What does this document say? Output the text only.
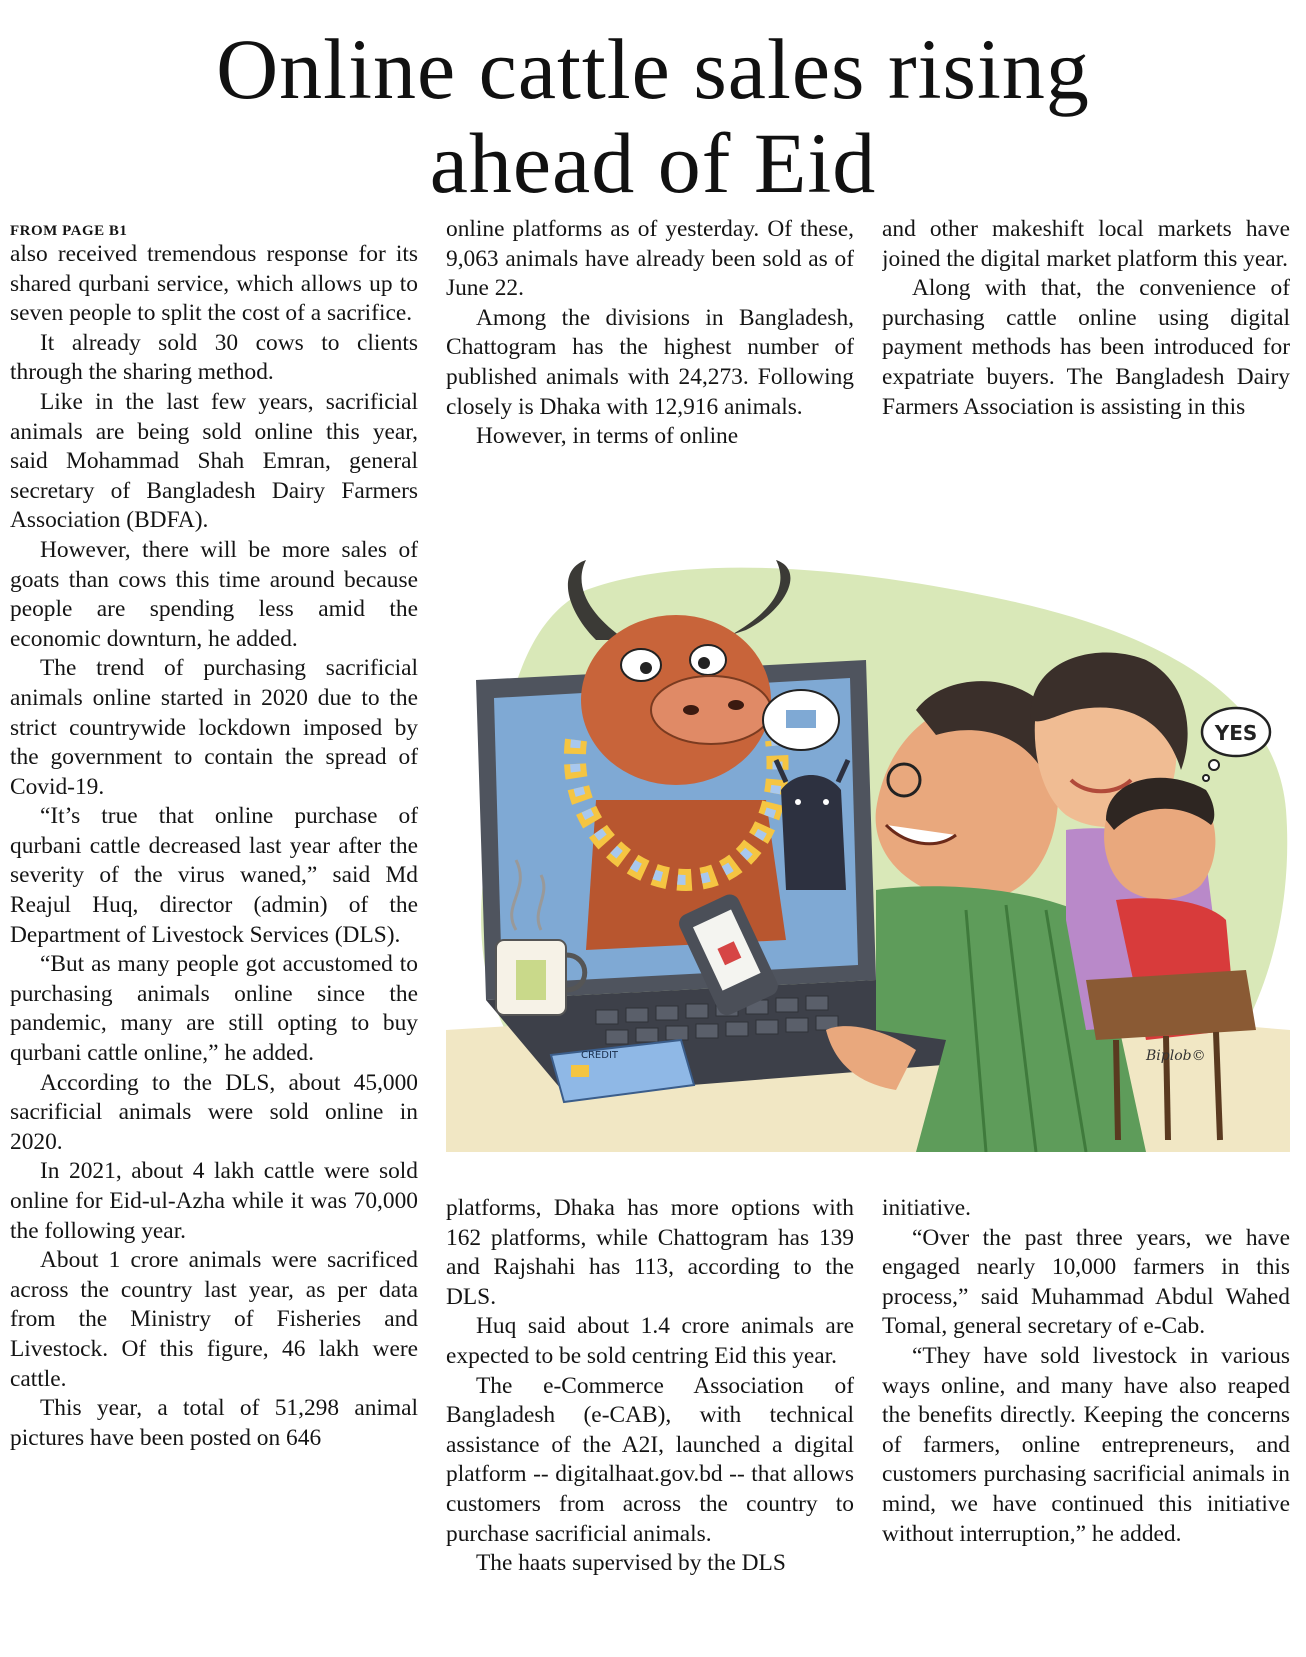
Online cattle sales rising
ahead of Eid

FROM PAGE B1

also received tremendous response for its shared qurbani service, which allows up to seven people to split the cost of a sacrifice.

It already sold 30 cows to clients through the sharing method.

Like in the last few years, sacrificial animals are being sold online this year, said Mohammad Shah Emran, general secretary of Bangladesh Dairy Farmers Association (BDFA).

However, there will be more sales of goats than cows this time around because people are spending less amid the economic downturn, he added.

The trend of purchasing sacrificial animals online started in 2020 due to the strict countrywide lockdown imposed by the government to contain the spread of Covid-19.

“It’s true that online purchase of qurbani cattle decreased last year after the severity of the virus waned,” said Md Reajul Huq, director (admin) of the Department of Livestock Services (DLS).

“But as many people got accustomed to purchasing animals online since the pandemic, many are still opting to buy qurbani cattle online,” he added.

According to the DLS, about 45,000 sacrificial animals were sold online in 2020.

In 2021, about 4 lakh cattle were sold online for Eid-ul-Azha while it was 70,000 the following year.

About 1 crore animals were sacrificed across the country last year, as per data from the Ministry of Fisheries and Livestock. Of this figure, 46 lakh were cattle.

This year, a total of 51,298 animal pictures have been posted on 646

online platforms as of yesterday. Of these, 9,063 animals have already been sold as of June 22.

Among the divisions in Bangladesh, Chattogram has the highest number of published animals with 24,273. Following closely is Dhaka with 12,916 animals.

However, in terms of online

and other makeshift local markets have joined the digital market platform this year.

Along with that, the convenience of purchasing cattle online using digital payment methods has been introduced for expatriate buyers. The Bangladesh Dairy Farmers Association is assisting in this

CREDIT
YES
Biplob©

platforms, Dhaka has more options with 162 platforms, while Chattogram has 139 and Rajshahi has 113, according to the DLS.

Huq said about 1.4 crore animals are expected to be sold centring Eid this year.

The e-Commerce Association of Bangladesh (e-CAB), with technical assistance of the A2I, launched a digital platform -- digitalhaat.gov.bd -- that allows customers from across the country to purchase sacrificial animals.

The haats supervised by the DLS

initiative.

“Over the past three years, we have engaged nearly 10,000 farmers in this process,” said Muhammad Abdul Wahed Tomal, general secretary of e-Cab.

“They have sold livestock in various ways online, and many have also reaped the benefits directly. Keeping the concerns of farmers, online entrepreneurs, and customers purchasing sacrificial animals in mind, we have continued this initiative without interruption,” he added.
